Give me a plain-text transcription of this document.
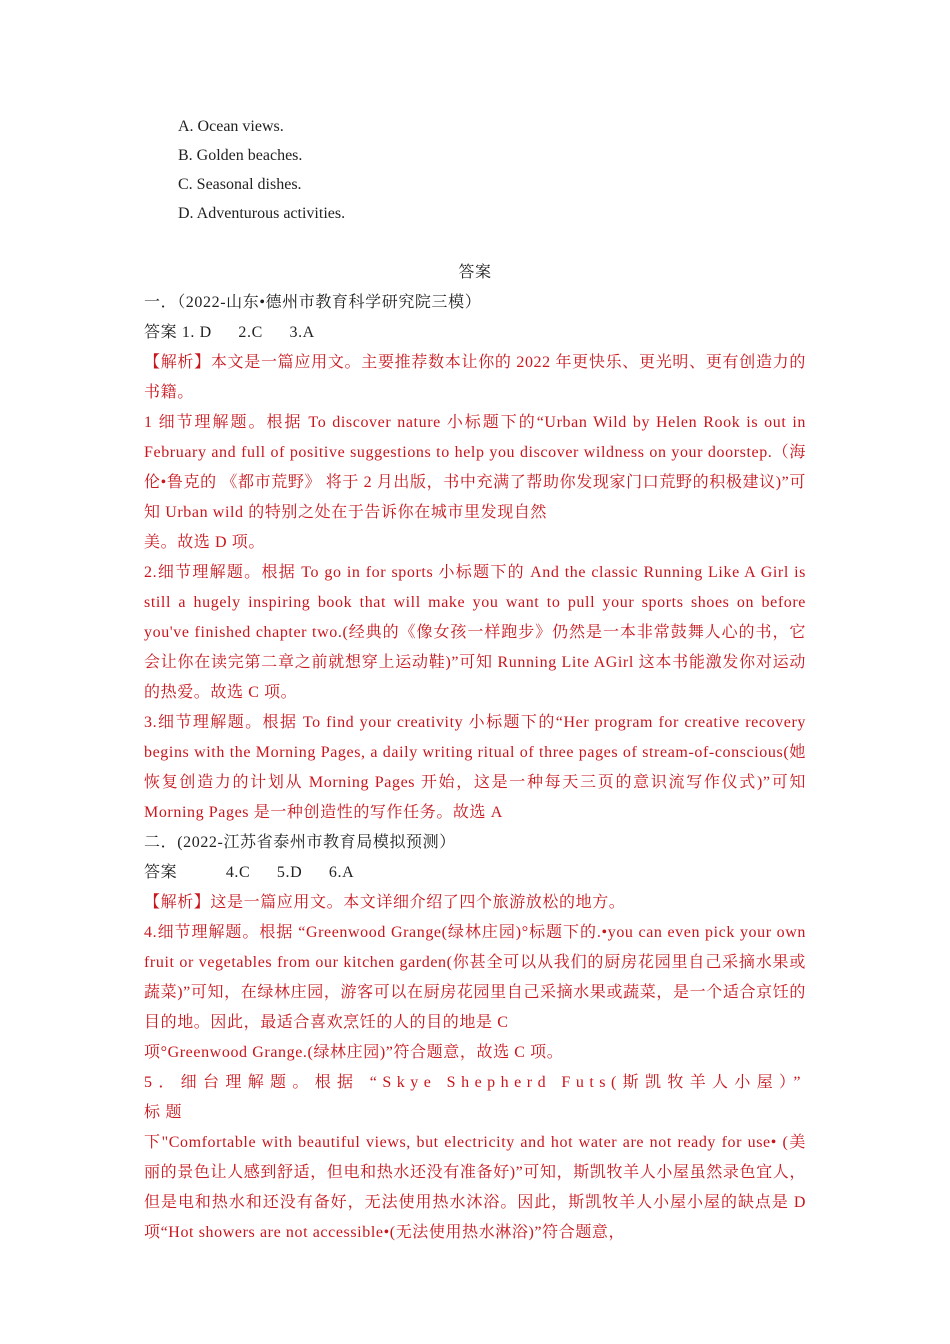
A. Ocean views.
B. Golden beaches.
C. Seasonal dishes.
D. Adventurous activities.

答案

一．（2022-山东•德州市教育科学研究院三模）

答案 1. D 2.C 3.A

【解析】本文是一篇应用文。主要推荐数本让你的 2022 年更快乐、更光明、更有创造力的书籍。

1 细节理解题。根据 To discover nature 小标题下的“Urban Wild by Helen Rook is out in February and full of positive suggestions to help you discover wildness on your doorstep.（海伦•鲁克的 《都市荒野》 将于 2 月出版，书中充满了帮助你发现家门口荒野的积极建议)”可知 Urban wild 的特别之处在于告诉你在城市里发现自然

美。故选 D 项。

2.细节理解题。根据 To go in for sports 小标题下的 And the classic Running Like A Girl is still a hugely inspiring book that will make you want to pull your sports shoes on before you've finished chapter two.(经典的《像女孩一样跑步》仍然是一本非常鼓舞人心的书，它会让你在读完第二章之前就想穿上运动鞋)”可知 Running Lite AGirl 这本书能激发你对运动的热爱。故选 C 项。

3.细节理解题。根据 To find your creativity 小标题下的“Her program for creative recovery begins with the Morning Pages, a daily writing ritual of three pages of stream-of-conscious(她恢复创造力的计划从 Morning Pages 开始，这是一种每天三页的意识流写作仪式)”可知 Morning Pages 是一种创造性的写作任务。故选 A

二．(2022-江苏省泰州市教育局模拟预测）

答案	4.C 5.D 6.A

【解析】这是一篇应用文。本文详细介绍了四个旅游放松的地方。

4.细节理解题。根据 “Greenwood Grange(绿林庄园)°标题下的.•you can even pick your own fruit or vegetables from our kitchen garden(你甚全可以从我们的厨房花园里自己采摘水果或蔬菜)”可知，在绿林庄园，游客可以在厨房花园里自己采摘水果或蔬菜，是一个适合京饪的目的地。因此，最适合喜欢烹饪的人的目的地是 C

项°Greenwood Grange.(绿林庄园)”符合题意，故选 C 项。

5．细台理解题。根据 “Skye Shepherd Futs(斯凯牧羊人小屋）” 标题

下"Comfortable with beautiful views, but electricity and hot water are not ready for use• (美丽的景色让人感到舒适，但电和热水还没有准备好)”可知，斯凯牧羊人小屋虽然录色宜人，但是电和热水和还没有备好，无法使用热水沐浴。因此，斯凯牧羊人小屋小屋的缺点是 D 项“Hot showers are not accessible•(无法使用热水淋浴)”符合题意，
